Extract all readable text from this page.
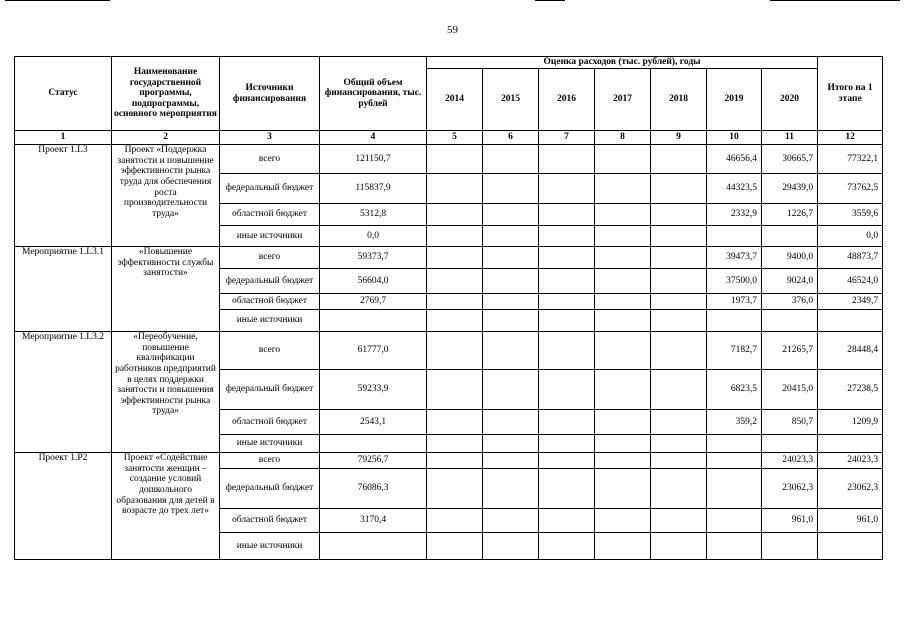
59
Статус	Наименование государственной программы, подпрограммы, основного мероприятия	Источники финансирования	Общий объем финансирования, тыс. рублей	Оценка расходов (тыс. рублей), годы							Итого на 1 этапе
				2014	2015	2016	2017	2018	2019	2020	
1	2	3	4	5	6	7	8	9	10	11	12
Проект 1.L3	Проект «Поддержка занятости и повышение эффективности рынка труда для обеспечения роста производительности труда»	всего	121150,7						46656,4	30665,7	77322,1
		федеральный бюджет	115837,9						44323,5	29439,0	73762,5
		областной бюджет	5312,8						2332,9	1226,7	3559,6
		иные источники	0,0								0,0
Мероприятие 1.L3.1	«Повышение эффективности службы занятости»	всего	59373,7						39473,7	9400,0	48873,7
		федеральный бюджет	56604,0						37500,0	9024,0	46524,0
		областной бюджет	2769,7						1973,7	376,0	2349,7
		иные источники									
Мероприятие 1.L3.2	«Переобучение, повышение квалификации работников предприятий в целях поддержки занятости и повышения эффективности рынка труда»	всего	61777,0						7182,7	21265,7	28448,4
		федеральный бюджет	59233,9						6823,5	20415,0	27238,5
		областной бюджет	2543,1						359,2	850,7	1209,9
		иные источники									
Проект 1.P2	Проект «Содействие занятости женщин – создание условий дошкольного образования для детей в возрасте до трех лет»	всего	79256,7							24023,3	24023,3
		федеральный бюджет	76086,3							23062,3	23062,3
		областной бюджет	3170,4							961,0	961,0
		иные источники									
